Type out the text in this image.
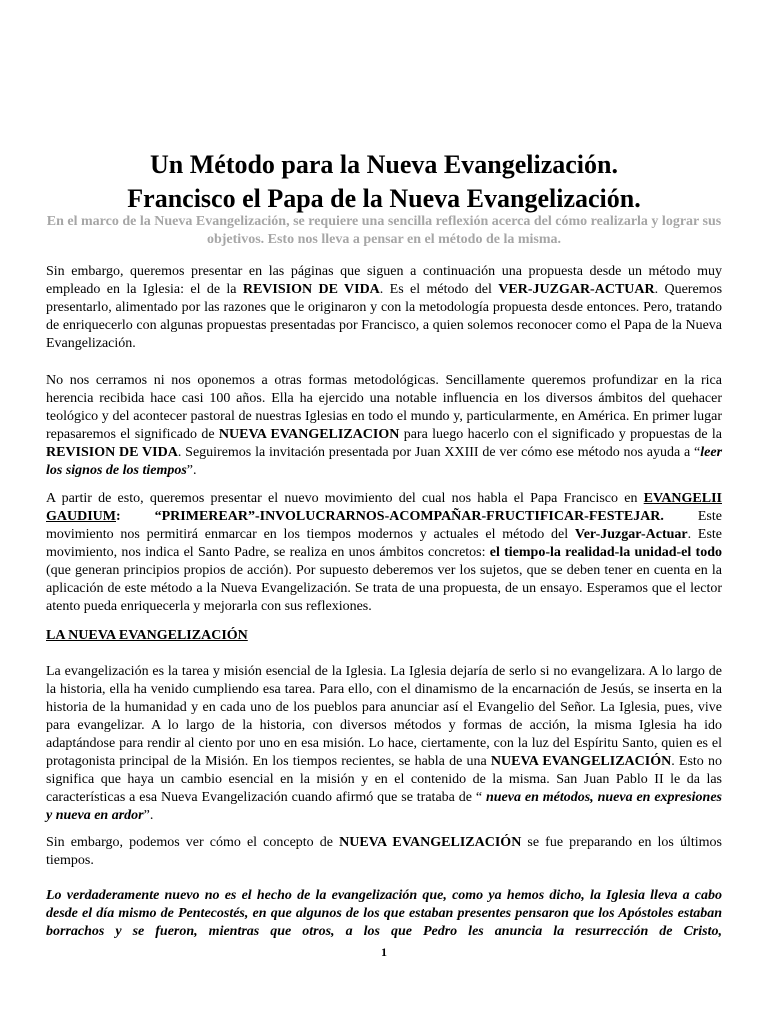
Un Método para la Nueva Evangelización.
Francisco el Papa de la Nueva Evangelización.

En el marco de la Nueva Evangelización, se requiere una sencilla reflexión acerca del cómo realizarla y lograr sus objetivos. Esto nos lleva a pensar en el método de la misma.

Sin embargo, queremos presentar en las páginas que siguen a continuación una propuesta desde un método muy empleado en la Iglesia: el de la REVISION DE VIDA. Es el método del VER-JUZGAR-ACTUAR. Queremos presentarlo, alimentado por las razones que le originaron y con la metodología propuesta desde entonces. Pero, tratando de enriquecerlo con algunas propuestas presentadas por Francisco, a quien solemos reconocer como el Papa de la Nueva Evangelización.

No nos cerramos ni nos oponemos a otras formas metodológicas. Sencillamente queremos profundizar en la rica herencia recibida hace casi 100 años. Ella ha ejercido una notable influencia en los diversos ámbitos del quehacer teológico y del acontecer pastoral de nuestras Iglesias en todo el mundo y, particularmente, en América. En primer lugar repasaremos el significado de NUEVA EVANGELIZACION para luego hacerlo con el significado y propuestas de la REVISION DE VIDA. Seguiremos la invitación presentada por Juan XXIII de ver cómo ese método nos ayuda a “leer los signos de los tiempos”.

A partir de esto, queremos presentar el nuevo movimiento del cual nos habla el Papa Francisco en EVANGELII GAUDIUM: “PRIMEREAR”-INVOLUCRARNOS-ACOMPAÑAR-FRUCTIFICAR-FESTEJAR. Este movimiento nos permitirá enmarcar en los tiempos modernos y actuales el método del Ver-Juzgar-Actuar. Este movimiento, nos indica el Santo Padre, se realiza en unos ámbitos concretos: el tiempo-la realidad-la unidad-el todo (que generan principios propios de acción). Por supuesto deberemos ver los sujetos, que se deben tener en cuenta en la aplicación de este método a la Nueva Evangelización. Se trata de una propuesta, de un ensayo. Esperamos que el lector atento pueda enriquecerla y mejorarla con sus reflexiones.

LA NUEVA EVANGELIZACIÓN

La evangelización es la tarea y misión esencial de la Iglesia. La Iglesia dejaría de serlo si no evangelizara. A lo largo de la historia, ella ha venido cumpliendo esa tarea. Para ello, con el dinamismo de la encarnación de Jesús, se inserta en la historia de la humanidad y en cada uno de los pueblos para anunciar así el Evangelio del Señor. La Iglesia, pues, vive para evangelizar. A lo largo de la historia, con diversos métodos y formas de acción, la misma Iglesia ha ido adaptándose para rendir al ciento por uno en esa misión. Lo hace, ciertamente, con la luz del Espíritu Santo, quien es el protagonista principal de la Misión. En los tiempos recientes, se habla de una NUEVA EVANGELIZACIÓN. Esto no significa que haya un cambio esencial en la misión y en el contenido de la misma. San Juan Pablo II le da las características a esa Nueva Evangelización cuando afirmó que se trataba de “ nueva en métodos, nueva en expresiones y nueva en ardor”.

Sin embargo, podemos ver cómo el concepto de NUEVA EVANGELIZACIÓN se fue preparando en los últimos tiempos.

Lo verdaderamente nuevo no es el hecho de la evangelización que, como ya hemos dicho, la Iglesia lleva a cabo desde el día mismo de Pentecostés, en que algunos de los que estaban presentes pensaron que los Apóstoles estaban borrachos y se fueron, mientras que otros, a los que Pedro les anuncia la resurrección de Cristo,

1
